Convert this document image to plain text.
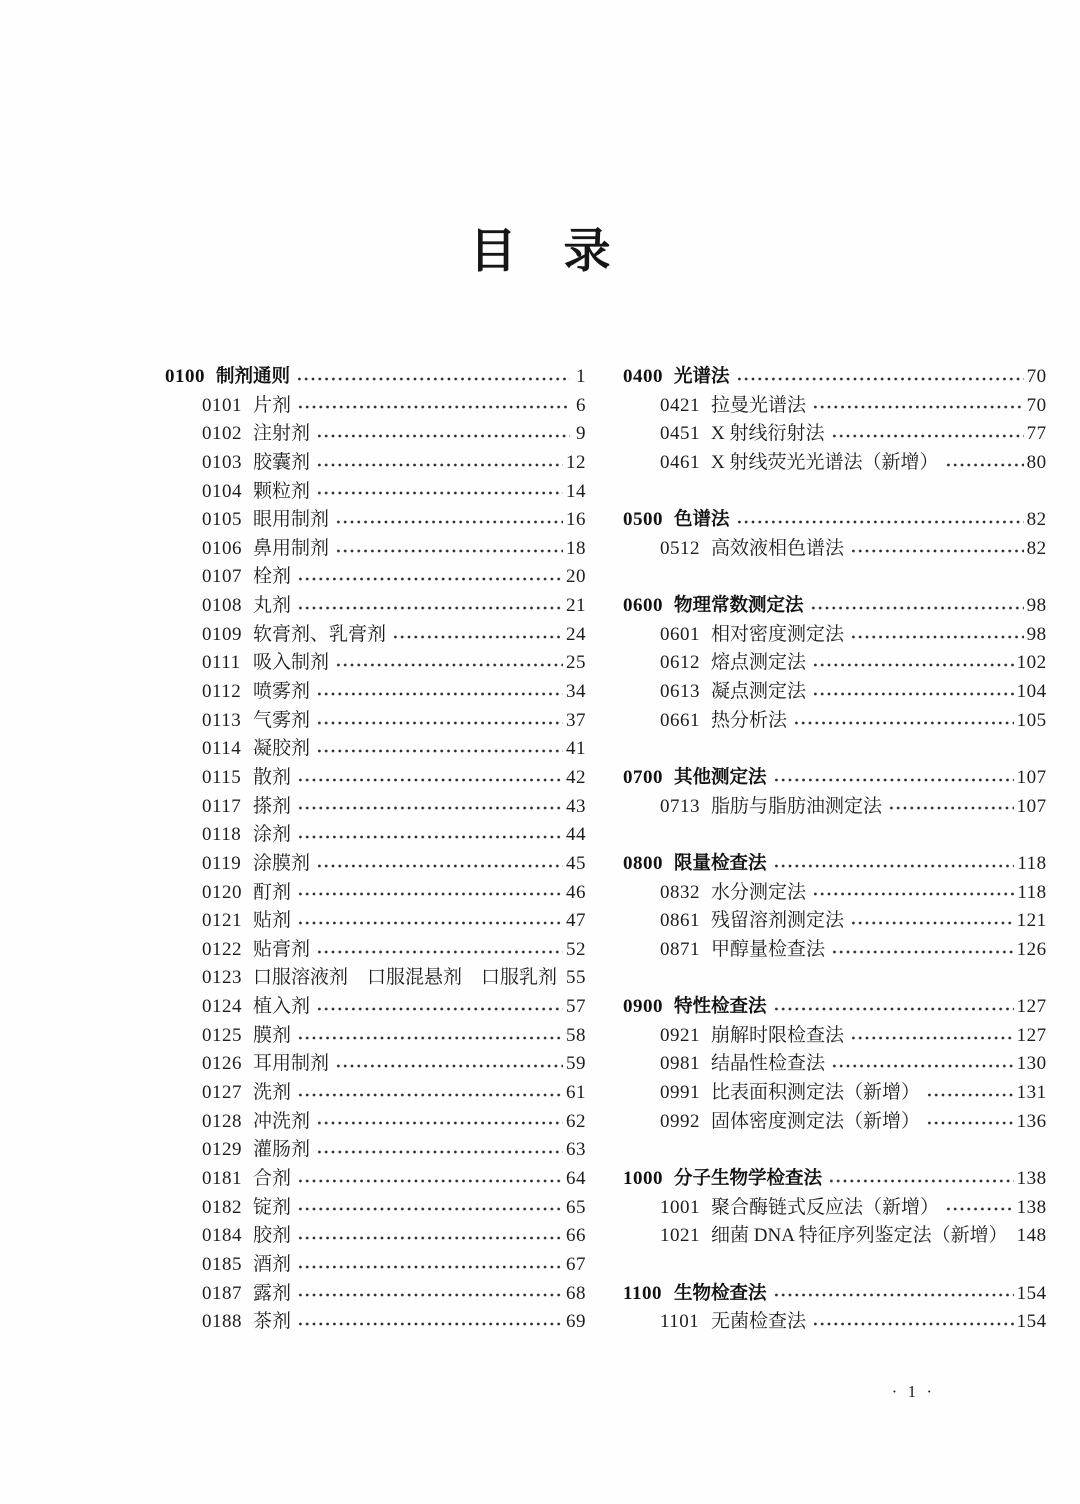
目　录
0100 制剂通则	1
0101 片剂	6
0102 注射剂	9
0103 胶囊剂	12
0104 颗粒剂	14
0105 眼用制剂	16
0106 鼻用制剂	18
0107 栓剂	20
0108 丸剂	21
0109 软膏剂、乳膏剂	24
0111 吸入制剂	25
0112 喷雾剂	34
0113 气雾剂	37
0114 凝胶剂	41
0115 散剂	42
0117 搽剂	43
0118 涂剂	44
0119 涂膜剂	45
0120 酊剂	46
0121 贴剂	47
0122 贴膏剂	52
0123 口服溶液剂　口服混悬剂　口服乳剂 55
0124 植入剂	57
0125 膜剂	58
0126 耳用制剂	59
0127 洗剂	61
0128 冲洗剂	62
0129 灌肠剂	63
0181 合剂	64
0182 锭剂	65
0184 胶剂	66
0185 酒剂	67
0187 露剂	68
0188 茶剂	69
0400 光谱法	70
0421 拉曼光谱法	70
0451 X 射线衍射法	77
0461 X 射线荧光光谱法（新增）	80
0500 色谱法	82
0512 高效液相色谱法	82
0600 物理常数测定法	98
0601 相对密度测定法	98
0612 熔点测定法	102
0613 凝点测定法	104
0661 热分析法	105
0700 其他测定法	107
0713 脂肪与脂肪油测定法	107
0800 限量检查法	118
0832 水分测定法	118
0861 残留溶剂测定法	121
0871 甲醇量检查法	126
0900 特性检查法	127
0921 崩解时限检查法	127
0981 结晶性检查法	130
0991 比表面积测定法（新增）	131
0992 固体密度测定法（新增）	136
1000 分子生物学检查法	138
1001 聚合酶链式反应法（新增）	138
1021 细菌 DNA 特征序列鉴定法（新增） 148
1100 生物检查法	154
1101 无菌检查法	154
· 1 ·
